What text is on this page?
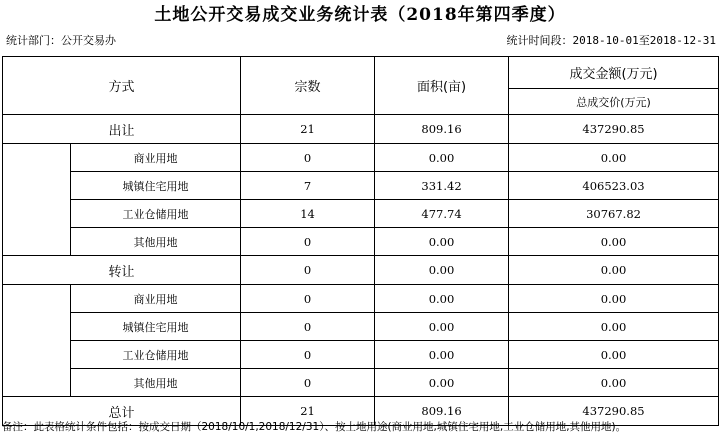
土地公开交易成交业务统计表（2018年第四季度）
统计部门：公开交易办	统计时间段：2018-10-01至2018-12-31
方式		宗数	面积(亩)	成交金额(万元)
				总成交价(万元)
出让		21	809.16	437290.85
	商业用地	0	0.00	0.00
	城镇住宅用地	7	331.42	406523.03
	工业仓储用地	14	477.74	30767.82
	其他用地	0	0.00	0.00
转让		0	0.00	0.00
	商业用地	0	0.00	0.00
	城镇住宅用地	0	0.00	0.00
	工业仓储用地	0	0.00	0.00
	其他用地	0	0.00	0.00
总计		21	809.16	437290.85
备注：此表格统计条件包括：按成交日期（2018/10/1,2018/12/31）、按土地用途(商业用地,城镇住宅用地,工业仓储用地,其他用地)。
